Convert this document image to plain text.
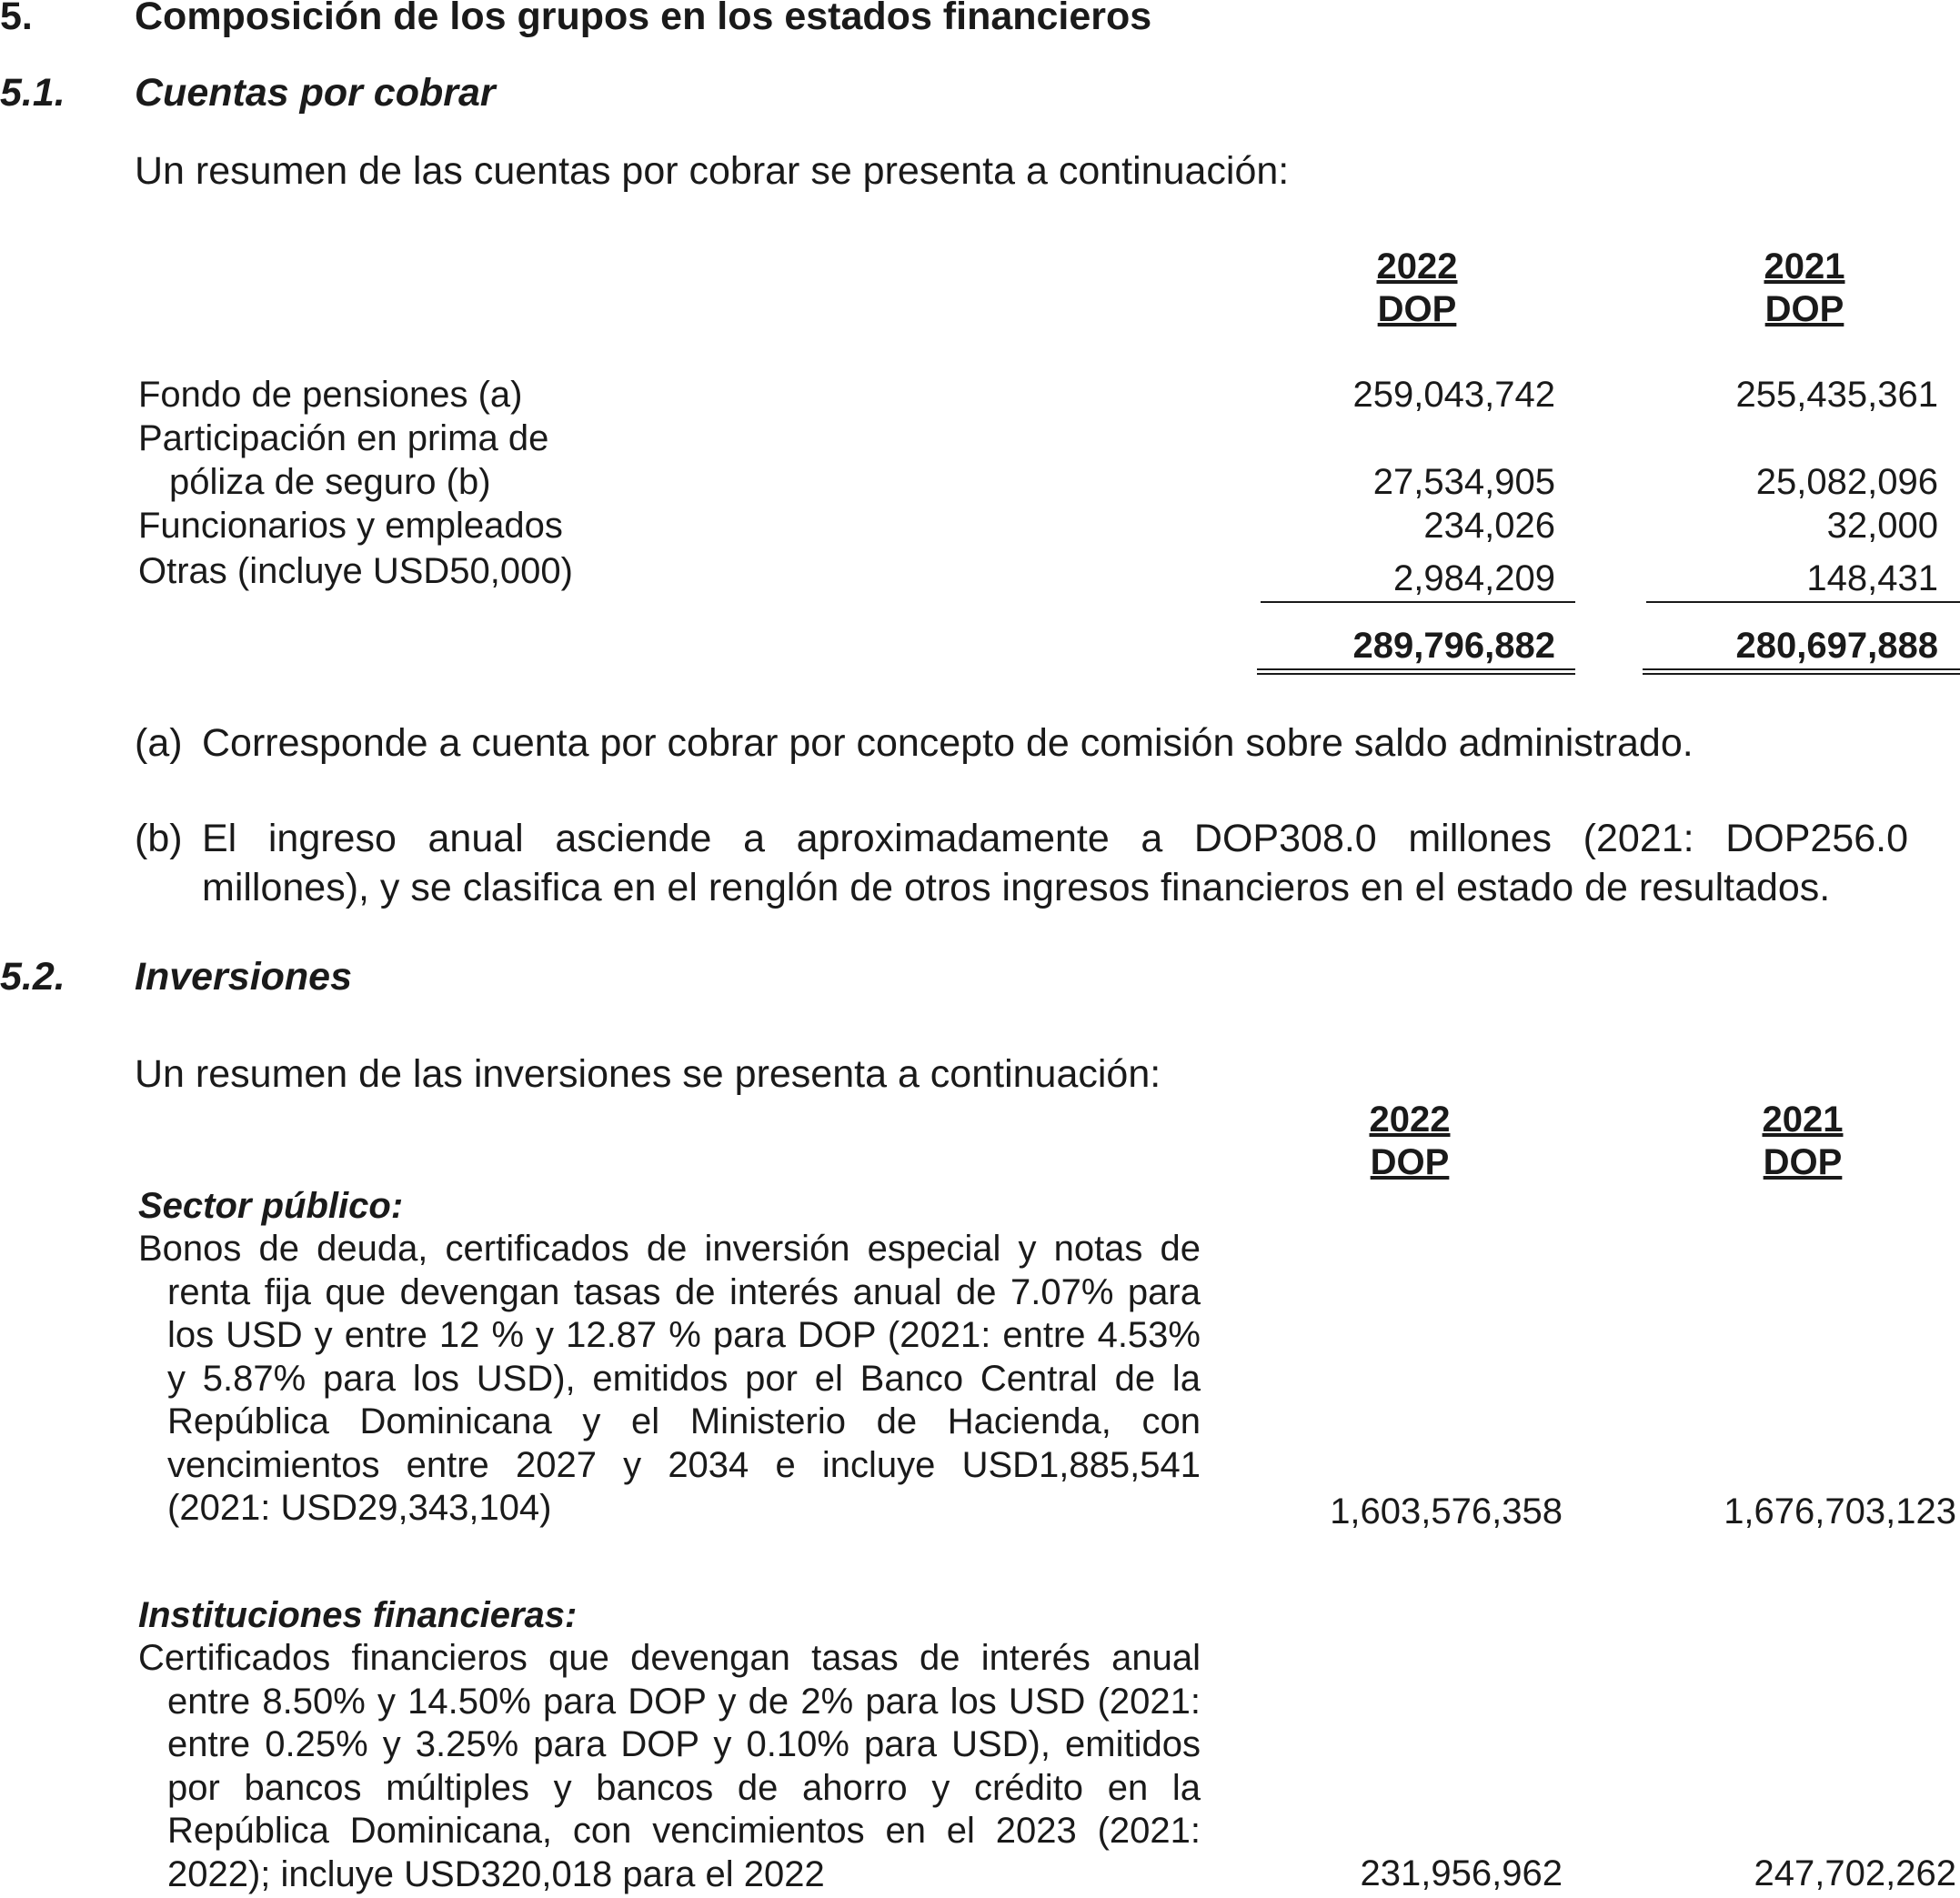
5.	Composición de los grupos en los estados financieros
5.1. Cuentas por cobrar
Un resumen de las cuentas por cobrar se presenta a continuación:
2022
DOP
2021
DOP
Fondo de pensiones (a)	259,043,742	255,435,361
Participación en prima de
póliza de seguro (b)	27,534,905	25,082,096
Funcionarios y empleados	234,026	32,000
Otras (incluye USD50,000)	2,984,209	148,431
289,796,882	280,697,888
(a) Corresponde a cuenta por cobrar por concepto de comisión sobre saldo administrado.
(b) El ingreso anual asciende a aproximadamente a DOP308.0 millones (2021: DOP256.0
millones), y se clasifica en el renglón de otros ingresos financieros en el estado de resultados.
5.2. Inversiones
Un resumen de las inversiones se presenta a continuación:
2022
DOP
2021
DOP
Sector público:
Bonos de deuda, certificados de inversión especial y notas de
renta fija que devengan tasas de interés anual de 7.07% para
los USD y entre 12 % y 12.87 % para DOP (2021: entre 4.53%
y 5.87% para los USD), emitidos por el Banco Central de la
República Dominicana y el Ministerio de Hacienda, con
vencimientos entre 2027 y 2034 e incluye USD1,885,541
(2021: USD29,343,104)	1,603,576,358	1,676,703,123
Instituciones financieras:
Certificados financieros que devengan tasas de interés anual
entre 8.50% y 14.50% para DOP y de 2% para los USD (2021:
entre 0.25% y 3.25% para DOP y 0.10% para USD), emitidos
por bancos múltiples y bancos de ahorro y crédito en la
República Dominicana, con vencimientos en el 2023 (2021:
2022); incluye USD320,018 para el 2022	231,956,962	247,702,262
